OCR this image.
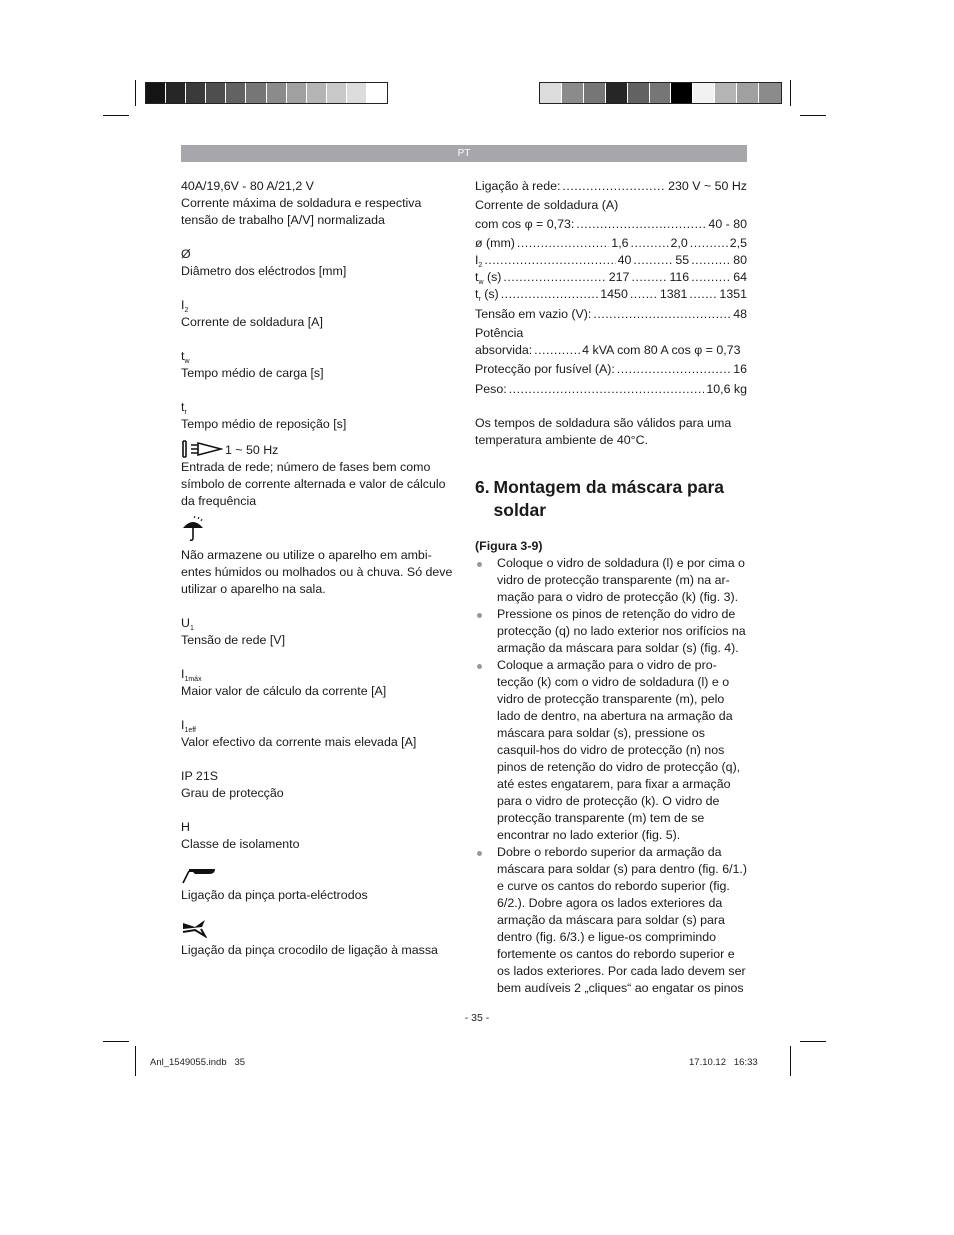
PT

40A/19,6V - 80 A/21,2 V

Corrente máxima de soldadura e respectiva tensão de trabalho [A/V] normalizada

Ø

Diâmetro dos eléctrodos [mm]

$I_2$

Corrente de soldadura [A]

$t_w$

Tempo médio de carga [s]

$t_r$

Tempo médio de reposição [s]

1 ~ 50 Hz

Entrada de rede; número de fases bem como símbolo de corrente alternada e valor de cálculo da frequência

Não armazene ou utilize o aparelho em ambi-entes húmidos ou molhados ou à chuva. Só deve utilizar o aparelho na sala.

$U_1$

Tensão de rede [V]

$I_{1máx}$

Maior valor de cálculo da corrente [A]

$I_{1eff}$

Valor efectivo da corrente mais elevada [A]

IP 21S

Grau de protecção

H

Classe de isolamento

Ligação da pinça porta-eléctrodos

Ligação da pinça crocodilo de ligação à massa

Ligação à rede: .....	230 V ~ 50 Hz
Corrente de soldadura (A)
com cos φ = 0,73: .....	40 - 80
ø (mm) .....	1,6 .....	2,0 .....	2,5
$I_2$ .....	40 .....	55 .....	80
$t_w$ (s) .....	217 .....	116 .....	64
$t_r$ (s) .....	1450 .....	1381 .....	1351
Tensão em vazio (V): .....	48
Potência
absorvida: .....	4 kVA com 80 A cos φ = 0,73
Protecção por fusível (A): .....	16
Peso: .....	10,6 kg

Os tempos de soldadura são válidos para uma temperatura ambiente de 40°C.

6. Montagem da máscara para soldar

(Figura 3-9)

Coloque o vidro de soldadura (l) e por cima o vidro de protecção transparente (m) na ar-mação para o vidro de protecção (k) (fig. 3).
Pressione os pinos de retenção do vidro de protecção (q) no lado exterior nos orifícios na armação da máscara para soldar (s) (fig. 4).
Coloque a armação para o vidro de pro-tecção (k) com o vidro de soldadura (l) e o vidro de protecção transparente (m), pelo lado de dentro, na abertura na armação da máscara para soldar (s), pressione os casquil-hos do vidro de protecção (n) nos pinos de retenção do vidro de protecção (q), até estes engatarem, para fixar a armação para o vidro de protecção (k). O vidro de protecção transparente (m) tem de se encontrar no lado exterior (fig. 5).
Dobre o rebordo superior da armação da máscara para soldar (s) para dentro (fig. 6/1.) e curve os cantos do rebordo superior (fig. 6/2.). Dobre agora os lados exteriores da armação da máscara para soldar (s) para dentro (fig. 6/3.) e ligue-os comprimindo fortemente os cantos do rebordo superior e os lados exteriores. Por cada lado devem ser bem audíveis 2 „cliques“ ao engatar os pinos
- 35 -
Anl_1549055.indb   35	17.10.12   16:33
